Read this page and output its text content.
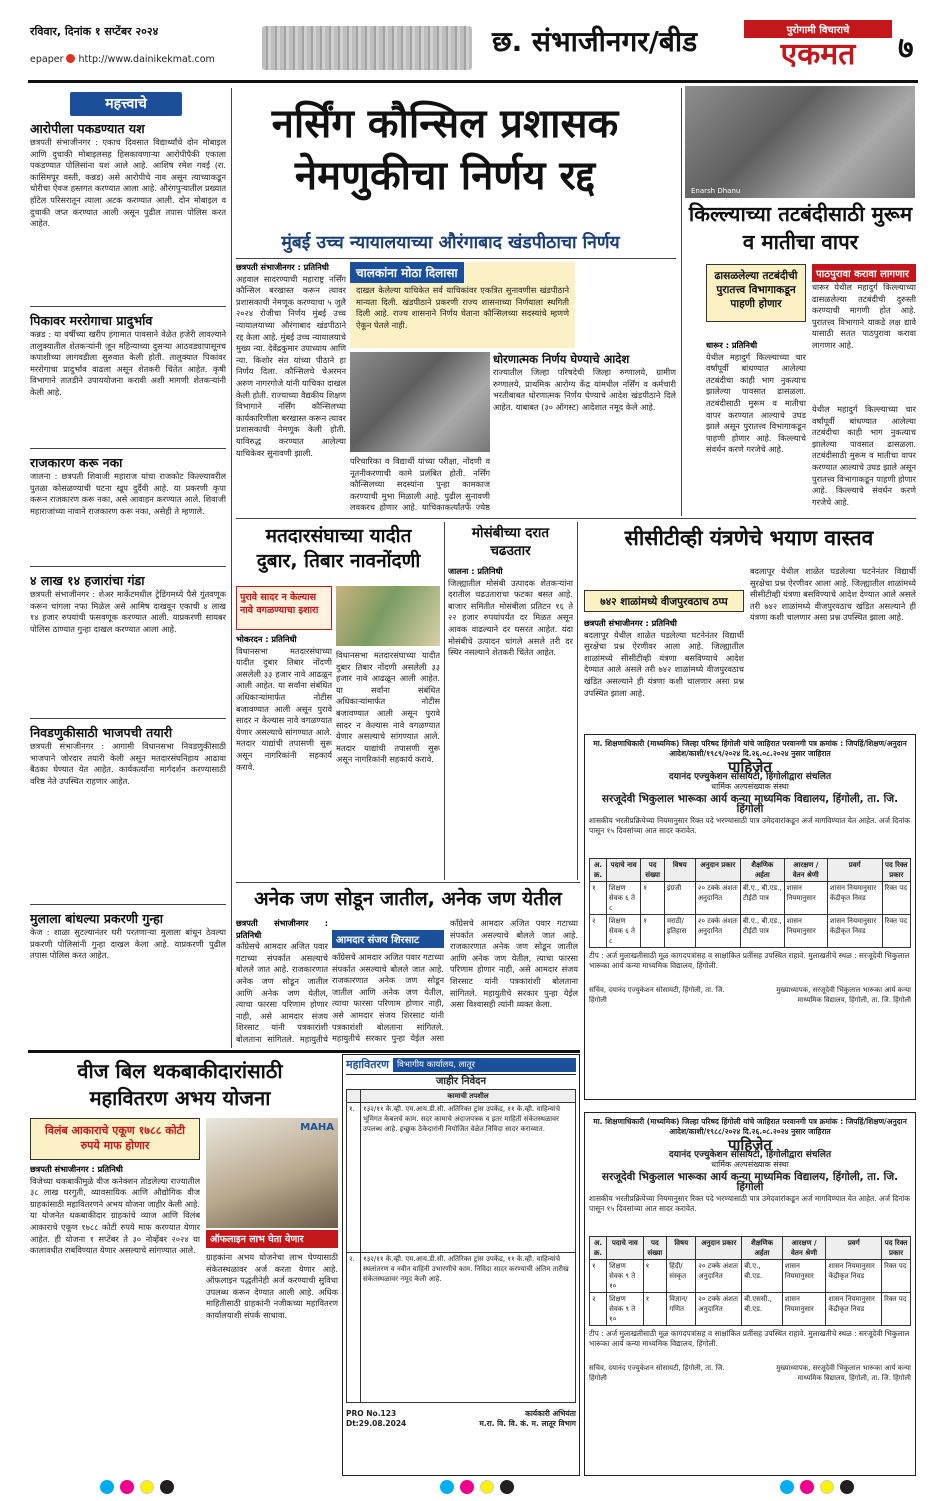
रविवार, दिनांक १ सप्टेंबर २०२४
epaper http://www.dainikekmat.com
छ. संभाजीनगर/बीड	पुरोगामी विचाराचे
एकमत	७
महत्त्वाचे
आरोपीला पकडण्यात यश
छत्रपती संभाजीनगर : एकाच दिवसात विद्यार्थ्यांचे दोन मोबाइल आणि दुचाकी मोबाइलसह हिसकावणाऱ्या आरोपीपैकी एकाला पकडण्यात पोलिसांना यश आले आहे. आशिष रमेश गवई (रा. कासिमपूर वस्ती, कन्नड) असे आरोपीचे नाव असून त्याच्याकडून चोरीचा ऐवज हस्तगत करण्यात आला आहे. औरंगपुऱ्यातील प्रख्यात हॉटेल परिसरातून त्याला अटक करण्यात आली. दोन मोबाइल व दुचाकी जप्त करण्यात आली असून पुढील तपास पोलिस करत आहेत.
पिकावर मररोगाचा प्रादुर्भाव
कन्नड : या वर्षीच्या खरीप हंगामात पावसाने वेळेत हजेरी लावल्याने तालुक्यातील शेतकऱ्यांनी जून महिन्याच्या दुसऱ्या आठवड्यापासूनच कपाशीच्या लागवडीला सुरुवात केली होती. तालुक्यात पिकांवर मररोगाचा प्रादुर्भाव वाढला असून शेतकरी चिंतेत आहेत. कृषी विभागाने तातडीने उपाययोजना करावी अशी मागणी शेतकऱ्यांनी केली आहे.
राजकारण करू नका
जालना : छत्रपती शिवाजी महाराज यांचा राजकोट किल्ल्यावरील पुतळा कोसळण्याची घटना खूप दुर्दैवी आहे. या प्रकरणी कृपा करून राजकारण करू नका, असे आवाहन करण्यात आले. शिवाजी महाराजांच्या नावाने राजकारण करू नका, असेही ते म्हणाले.
४ लाख १४ हजारांचा गंडा
छत्रपती संभाजीनगर : शेअर मार्केटमधील ट्रेडिंगमध्ये पैसे गुंतवणूक करून चांगला नफा मिळेल असे आमिष दाखवून एकाची ४ लाख १४ हजार रुपयांची फसवणूक करण्यात आली. याप्रकरणी सायबर पोलिस ठाण्यात गुन्हा दाखल करण्यात आला आहे.
निवडणुकीसाठी भाजपची तयारी
छत्रपती संभाजीनगर : आगामी विधानसभा निवडणुकीसाठी भाजपाने जोरदार तयारी केली असून मतदारसंघनिहाय आढावा बैठका घेण्यात येत आहेत. कार्यकर्त्यांना मार्गदर्शन करण्यासाठी वरिष्ठ नेते उपस्थित राहणार आहेत.
मुलाला बांधल्या प्रकरणी गुन्हा
केज : शाळा सुटल्यानंतर घरी परतणाऱ्या मुलाला बांधून ठेवल्या प्रकरणी पोलिसांनी गुन्हा दाखल केला आहे. याप्रकरणी पुढील तपास पोलिस करत आहेत.
नर्सिंग कौन्सिल प्रशासक
नेमणुकीचा निर्णय रद्द
मुंबई उच्च न्यायालयाच्या औरंगाबाद खंडपीठाचा निर्णय
छत्रपती संभाजीनगर : प्रतिनिधी
अहवाल सादरण्याची महाराष्ट्र नर्सिंग कौन्सिल बरखास्त करून त्यावर प्रशासकाची नेमणूक करण्याचा ५ जुलै २०२४ रोजीचा निर्णय मुंबई उच्च न्यायालयाच्या औरंगाबाद खंडपीठाने रद्द केला आहे. मुंबई उच्च न्यायालयाचे मुख्य न्या. देवेंद्रकुमार उपाध्याय आणि न्या. किशोर संत यांच्या पीठाने हा निर्णय दिला. कौन्सिलचे चेअरमन अरुण नागरगोजे यांनी याचिका दाखल केली होती. राज्याच्या वैद्यकीय शिक्षण विभागाने नर्सिंग कौन्सिलच्या कार्यकारिणीला बरखास्त करून त्यावर प्रशासकाची नेमणूक केली होती. याविरुद्ध करण्यात आलेल्या याचिकेवर सुनावणी झाली.
चालकांना मोठा दिलासा
दाखल केलेल्या याचिकेत सर्व याचिकांवर एकत्रित सुनावणीस खंडपीठाने मान्यता दिली. खंडपीठाने प्रकरणी राज्य शासनाच्या निर्णयाला स्थगिती दिली आहे. राज्य शासनाने निर्णय घेताना कौन्सिलच्या सदस्यांचे म्हणणे ऐकून घेतले नाही.
धोरणात्मक निर्णय घेण्याचे आदेश
राज्यातील जिल्हा परिषदेची जिल्हा रुग्णालये, ग्रामीण रुग्णालये, प्राथमिक आरोग्य केंद्र यांमधील नर्सिंग व कर्मचारी भरतीबाबत धोरणात्मक निर्णय घेण्याचे आदेश खंडपीठाने दिले आहेत. याबाबत (३० ऑगस्ट) आदेशात नमूद केले आहे.
परिचारिका व विद्यार्थी यांच्या परीक्षा, नोंदणी व नूतनीकरणाची कामे प्रलंबित होती. नर्सिंग कौन्सिलच्या सदस्यांना पुन्हा कामकाज करण्याची मुभा मिळाली आहे. पुढील सुनावणी लवकरच होणार आहे. याचिकाकर्त्यांतर्फे ज्येष्ठ
Enarsh Dhanu
किल्ल्याच्या तटबंदीसाठी मुरूम व मातीचा वापर
ढासळलेल्या तटबंदीची पुरातत्त्व विभागाकडून पाहणी होणार
पाठपुरावा करावा लागणार
धारूर येथील महादुर्ग किल्ल्याच्या ढासळलेल्या तटबंदीची दुरुस्ती करण्याची मागणी होत आहे. पुरातत्त्व विभागाने याकडे लक्ष द्यावे यासाठी सतत पाठपुरावा करावा लागणार आहे.
धारूर : प्रतिनिधी
येथील महादुर्ग किल्ल्याच्या चार वर्षांपूर्वी बांधण्यात आलेल्या तटबंदीचा काही भाग नुकत्याच झालेल्या पावसात ढासळला. तटबंदीसाठी मुरूम व मातीचा वापर करण्यात आल्याचे उघड झाले असून पुरातत्त्व विभागाकडून पाहणी होणार आहे. किल्ल्याचे संवर्धन करणे गरजेचे आहे.
येथील महादुर्ग किल्ल्याच्या चार वर्षांपूर्वी बांधण्यात आलेल्या तटबंदीचा काही भाग नुकत्याच झालेल्या पावसात ढासळला. तटबंदीसाठी मुरूम व मातीचा वापर करण्यात आल्याचे उघड झाले असून पुरातत्त्व विभागाकडून पाहणी होणार आहे. किल्ल्याचे संवर्धन करणे गरजेचे आहे.
मतदारसंघाच्या यादीत
दुबार, तिबार नावनोंदणी
पुरावे सादर न केल्यास नावे वगळण्याचा इशारा
भोकरदन : प्रतिनिधी
विधानसभा मतदारसंघाच्या यादीत दुबार तिबार नोंदणी असलेली ३३ हजार नावे आढळून आली आहेत. या सर्वांना संबंधित अधिकाऱ्यांमार्फत नोटीस बजावण्यात आली असून पुरावे सादर न केल्यास नावे वगळण्यात येणार असल्याचे सांगण्यात आले. मतदार याद्यांची तपासणी सुरू असून नागरिकांनी सहकार्य करावे.
विधानसभा मतदारसंघाच्या यादीत दुबार तिबार नोंदणी असलेली ३३ हजार नावे आढळून आली आहेत. या सर्वांना संबंधित अधिकाऱ्यांमार्फत नोटीस बजावण्यात आली असून पुरावे सादर न केल्यास नावे वगळण्यात येणार असल्याचे सांगण्यात आले. मतदार याद्यांची तपासणी सुरू असून नागरिकांनी सहकार्य करावे.
मोसंबीच्या दरात
चढउतार
जालना : प्रतिनिधी
जिल्ह्यातील मोसंबी उत्पादक शेतकऱ्यांना दरातील चढउताराचा फटका बसत आहे. बाजार समितीत मोसंबीला प्रतिटन १६ ते २२ हजार रुपयांपर्यंत दर मिळत असून आवक वाढल्याने दर घसरत आहेत. यंदा मोसंबीचे उत्पादन चांगले असले तरी दर स्थिर नसल्याने शेतकरी चिंतेत आहेत.
सीसीटीव्ही यंत्रणेचे भयाण वास्तव
७४२ शाळांमध्ये वीजपुरवठाच ठप्प
छत्रपती संभाजीनगर : प्रतिनिधी
बदलापूर येथील शाळेत घडलेल्या घटनेनंतर विद्यार्थी सुरक्षेचा प्रश्न ऐरणीवर आला आहे. जिल्ह्यातील शाळांमध्ये सीसीटीव्ही यंत्रणा बसविण्याचे आदेश देण्यात आले असले तरी ७४२ शाळांमध्ये वीजपुरवठाच खंडित असल्याने ही यंत्रणा कशी चालणार असा प्रश्न उपस्थित झाला आहे.
बदलापूर येथील शाळेत घडलेल्या घटनेनंतर विद्यार्थी सुरक्षेचा प्रश्न ऐरणीवर आला आहे. जिल्ह्यातील शाळांमध्ये सीसीटीव्ही यंत्रणा बसविण्याचे आदेश देण्यात आले असले तरी ७४२ शाळांमध्ये वीजपुरवठाच खंडित असल्याने ही यंत्रणा कशी चालणार असा प्रश्न उपस्थित झाला आहे.
मा. शिक्षणाधिकारी (माध्यमिक) जिल्हा परिषद हिंगोली यांचे जाहिरात परवानगी पत्र क्रमांक : जिपहिं/शिक्षण/अनुदान आदेश/काशी/१९८९/२०२४ दि.२६.०८.२०२४ नुसार जाहिरात
पाहिजेत
दयानंद एज्युकेशन सोसायटी, हिंगोलीद्वारा संचलित
धार्मिक अल्पसंख्याक संस्था
सरजूदेवी भिकुलाल भारूका आर्य कन्या माध्यमिक विद्यालय, हिंगोली, ता. जि. हिंगोली
शासकीय भरतीप्रक्रियेच्या नियमानुसार रिक्त पदे भरण्यासाठी पात्र उमेदवारांकडून अर्ज मागविण्यात येत आहेत. अर्ज दिनांक पासून १५ दिवसांच्या आत सादर करावेत.
अ. क्र.	पदाचे नाव	पद संख्या	विषय	अनुदान प्रकार	शैक्षणिक अर्हता	आरक्षण / वेतन श्रेणी	प्रवर्ग	पद रिक्त प्रकार
१	शिक्षण सेवक ६ ते ८	१	इंग्रजी	२० टक्के अंशतः अनुदानित	बी.ए., बी.एड., टीईटी पात्र	शासन नियमानुसार	शासन नियमानुसार केंद्रीकृत निवड	रिक्त पद
२	शिक्षण सेवक ६ ते ८	१	मराठी/इतिहास	२० टक्के अंशतः अनुदानित	बी.ए., बी.एड., टीईटी पात्र	शासन नियमानुसार	शासन नियमानुसार केंद्रीकृत निवड	रिक्त पद
टीप : अर्ज मुलाखतीसाठी मूळ कागदपत्रांसह व साक्षांकित प्रतींसह उपस्थित राहावे. मुलाखतीचे स्थळ : सरजूदेवी भिकुलाल भारूका आर्य कन्या माध्यमिक विद्यालय, हिंगोली.
सचिव, दयानंद एज्युकेशन सोसायटी, हिंगोली, ता. जि. हिंगोली
मुख्याध्यापक, सरजूदेवी भिकुलाल भारूका आर्य कन्या माध्यमिक विद्यालय, हिंगोली, ता. जि. हिंगोली
अनेक जण सोडून जातील, अनेक जण येतील
छत्रपती संभाजीनगर : प्रतिनिधी
काँग्रेसचे आमदार अजित पवार गटाच्या संपर्कात असल्याचे बोलले जात आहे. राजकारणात अनेक जण सोडून जातील आणि अनेक जण येतील, त्याचा फारसा परिणाम होणार नाही, असे आमदार संजय शिरसाट यांनी पत्रकारांशी बोलताना सांगितले. महायुतीचे
आमदार संजय शिरसाट
काँग्रेसचे आमदार अजित पवार गटाच्या संपर्कात असल्याचे बोलले जात आहे. राजकारणात अनेक जण सोडून जातील आणि अनेक जण येतील, त्याचा फारसा परिणाम होणार नाही, असे आमदार संजय शिरसाट यांनी पत्रकारांशी बोलताना सांगितले. महायुतीचे सरकार पुन्हा येईल असा
काँग्रेसचे आमदार अजित पवार गटाच्या संपर्कात असल्याचे बोलले जात आहे. राजकारणात अनेक जण सोडून जातील आणि अनेक जण येतील, त्याचा फारसा परिणाम होणार नाही, असे आमदार संजय शिरसाट यांनी पत्रकारांशी बोलताना सांगितले. महायुतीचे सरकार पुन्हा येईल असा विश्वासही त्यांनी व्यक्त केला.
वीज बिल थकबाकीदारांसाठी
महावितरण अभय योजना
विलंब आकाराचे एकूण १७८८ कोटी रुपये माफ होणार
छत्रपती संभाजीनगर : प्रतिनिधी
विजेच्या थकबाकीमुळे वीज कनेक्शन तोडलेल्या राज्यातील ३८ लाख घरगुती, व्यावसायिक आणि औद्योगिक वीज ग्राहकांसाठी महावितरणने अभय योजना जाहीर केली आहे. या योजनेत थकबाकीदार ग्राहकांचे व्याज आणि विलंब आकाराचे एकूण १७८८ कोटी रुपये माफ करण्यात येणार आहेत. ही योजना १ सप्टेंबर ते ३० नोव्हेंबर २०२४ या कालावधीत राबविण्यात येणार असल्याचे सांगण्यात आले.
MAHA
ऑफलाइन लाभ घेता येणार
ग्राहकांना अभय योजनेचा लाभ घेण्यासाठी संकेतस्थळावर अर्ज करता येणार आहे. ऑफलाइन पद्धतीनेही अर्ज करण्याची सुविधा उपलब्ध करून देण्यात आली आहे. अधिक माहितीसाठी ग्राहकांनी नजीकच्या महावितरण कार्यालयाशी संपर्क साधावा.
महावितरण विभागीय कार्यालय, लातूर
जाहीर निवेदन
	कामाची तपशील
१.	१३२/११ के.व्ही. एम.आय.डी.सी. अतिरिक्त ट्रांस उपकेंद्र, ११ के.व्ही. वाहिन्यांचे भूमिगत केबलचे काम. सदर कामाचे अंदाजपत्रक व इतर माहिती संकेतस्थळावर उपलब्ध आहे. इच्छुक ठेकेदारांनी नियोजित वेळेत निविदा सादर कराव्यात.
२.	१३२/११ के.व्ही. एम.आय.डी.सी. अतिरिक्त ट्रांस उपकेंद्र, ११ के.व्ही. वाहिन्यांचे स्थलांतरण व नवीन वाहिनी उभारणीचे काम. निविदा सादर करण्याची अंतिम तारीख संकेतस्थळावर नमूद केली आहे.
PRO No.123
Dt:29.08.2024
कार्यकारी अभियंता
म.रा. वि. वि. कं. म. लातूर विभाग
मा. शिक्षणाधिकारी (माध्यमिक) जिल्हा परिषद हिंगोली यांचे जाहिरात परवानगी पत्र क्रमांक : जिपहिं/शिक्षण/अनुदान आदेश/काशी/१९८८/२०२४ दि.२६.०८.२०२४ नुसार जाहिरात
पाहिजेत
दयानंद एज्युकेशन सोसायटी, हिंगोलीद्वारा संचलित
धार्मिक अल्पसंख्याक संस्था
सरजूदेवी भिकुलाल भारूका आर्य कन्या माध्यमिक विद्यालय, हिंगोली, ता. जि. हिंगोली
शासकीय भरतीप्रक्रियेच्या नियमानुसार रिक्त पदे भरण्यासाठी पात्र उमेदवारांकडून अर्ज मागविण्यात येत आहेत. अर्ज दिनांक पासून १५ दिवसांच्या आत सादर करावेत.
अ. क्र.	पदाचे नाव	पद संख्या	विषय	अनुदान प्रकार	शैक्षणिक अर्हता	आरक्षण / वेतन श्रेणी	प्रवर्ग	पद रिक्त प्रकार
१	शिक्षण सेवक ९ ते १०	१	हिंदी/संस्कृत	२० टक्के अंशतः अनुदानित	बी.ए., बी.एड.	शासन नियमानुसार	शासन नियमानुसार केंद्रीकृत निवड	रिक्त पद
२	शिक्षण सेवक ९ ते १०	१	विज्ञान/गणित	२० टक्के अंशतः अनुदानित	बी.एससी., बी.एड.	शासन नियमानुसार	शासन नियमानुसार केंद्रीकृत निवड	रिक्त पद
टीप : अर्ज मुलाखतीसाठी मूळ कागदपत्रांसह व साक्षांकित प्रतींसह उपस्थित राहावे. मुलाखतीचे स्थळ : सरजूदेवी भिकुलाल भारूका आर्य कन्या माध्यमिक विद्यालय, हिंगोली.
सचिव, दयानंद एज्युकेशन सोसायटी, हिंगोली, ता. जि. हिंगोली
मुख्याध्यापक, सरजूदेवी भिकुलाल भारूका आर्य कन्या माध्यमिक विद्यालय, हिंगोली, ता. जि. हिंगोली
